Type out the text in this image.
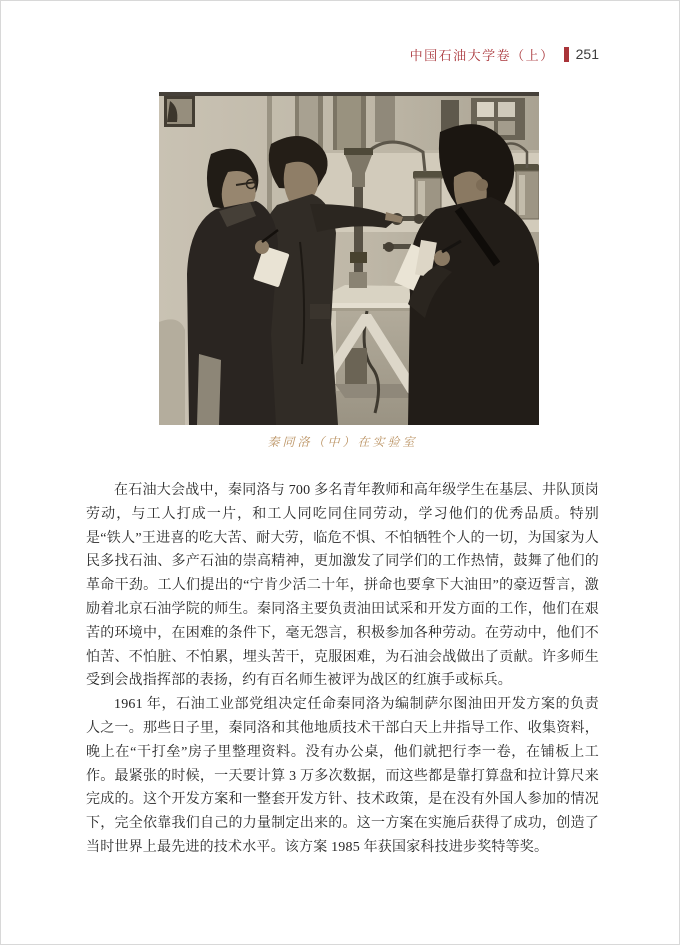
中国石油大学卷（上） 251
秦同洛（中）在实验室

在石油大会战中，秦同洛与 700 多名青年教师和高年级学生在基层、井队顶岗劳动，与工人打成一片，和工人同吃同住同劳动，学习他们的优秀品质。特别是“铁人”王进喜的吃大苦、耐大劳，临危不惧、不怕牺牲个人的一切，为国家为人民多找石油、多产石油的崇高精神，更加激发了同学们的工作热情，鼓舞了他们的革命干劲。工人们提出的“宁肯少活二十年，拼命也要拿下大油田”的豪迈誓言，激励着北京石油学院的师生。秦同洛主要负责油田试采和开发方面的工作，他们在艰苦的环境中，在困难的条件下，毫无怨言，积极参加各种劳动。在劳动中，他们不怕苦、不怕脏、不怕累，埋头苦干，克服困难，为石油会战做出了贡献。许多师生受到会战指挥部的表扬，约有百名师生被评为战区的红旗手或标兵。

1961 年，石油工业部党组决定任命秦同洛为编制萨尔图油田开发方案的负责人之一。那些日子里，秦同洛和其他地质技术干部白天上井指导工作、收集资料，晚上在“干打垒”房子里整理资料。没有办公桌，他们就把行李一卷，在铺板上工作。最紧张的时候，一天要计算 3 万多次数据，而这些都是靠打算盘和拉计算尺来完成的。这个开发方案和一整套开发方针、技术政策，是在没有外国人参加的情况下，完全依靠我们自己的力量制定出来的。这一方案在实施后获得了成功，创造了当时世界上最先进的技术水平。该方案 1985 年获国家科技进步奖特等奖。
